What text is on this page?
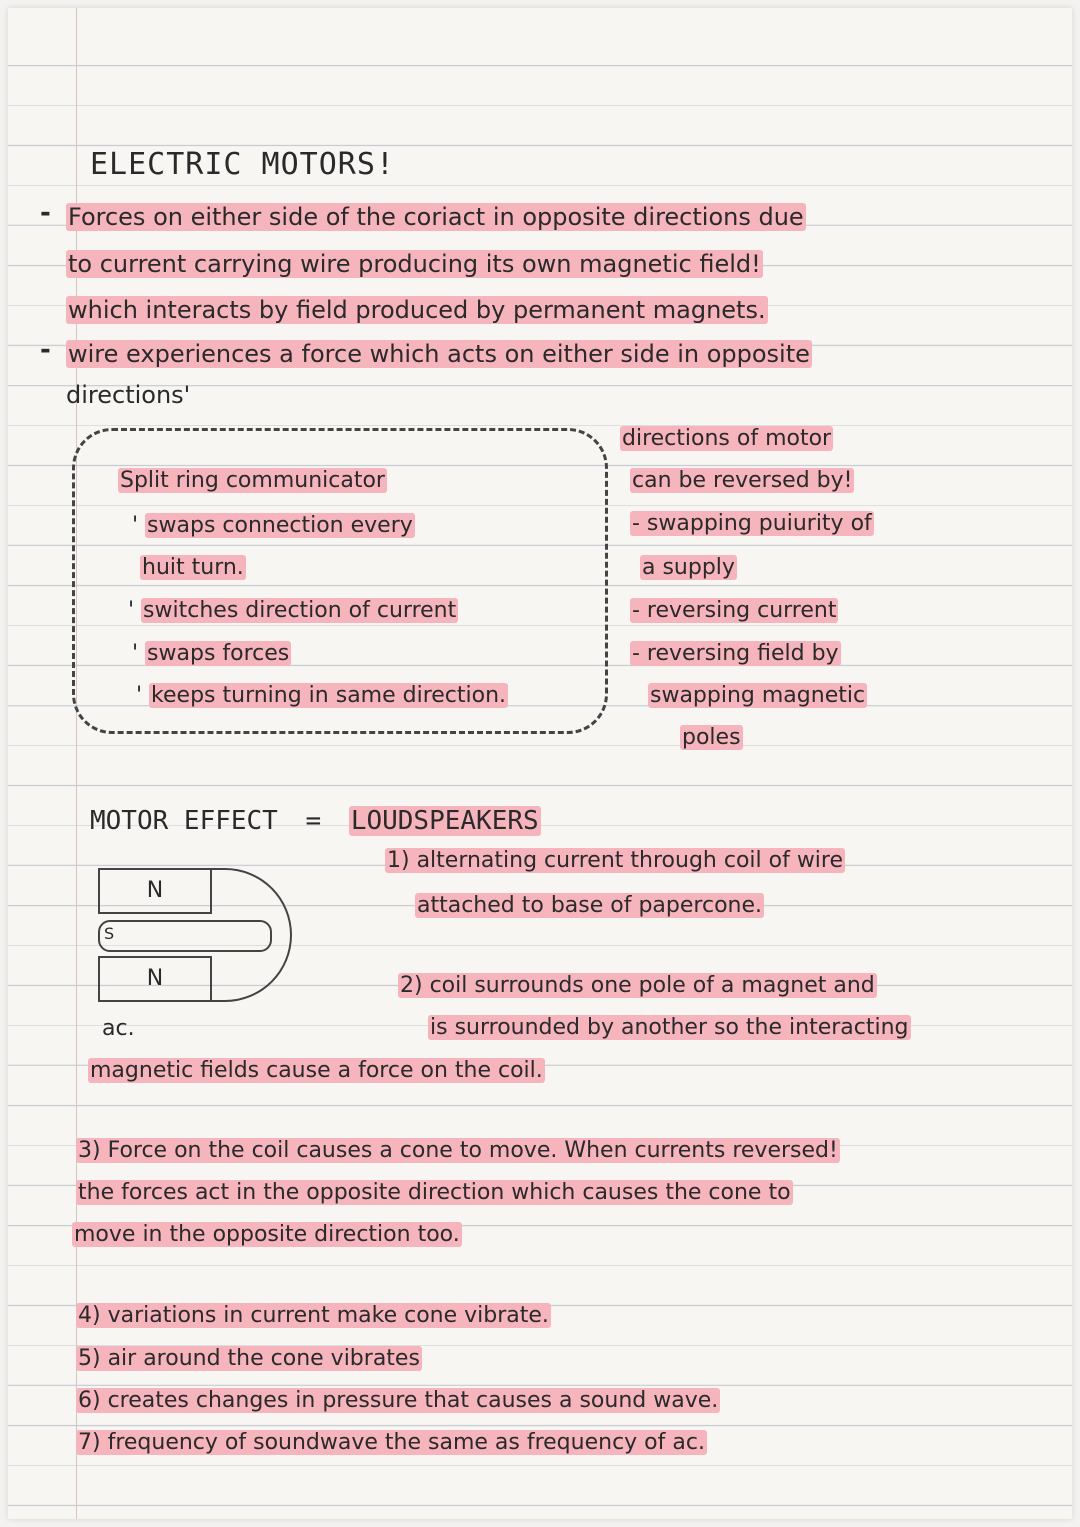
ELECTRIC MOTORS!
- Forces on either side of the coriact in opposite directions due
to current carrying wire producing its own magnetic field!
which interacts by field produced by permanent magnets.
- wire experiences a force which acts on either side in opposite
directions'
Split ring communicator
' swaps connection every
huit turn.
' switches direction of current
' swaps forces
' keeps turning in same direction.
directions of motor
can be reversed by!
- swapping puiurity of
a supply
- reversing current
- reversing field by
swapping magnetic
poles
MOTOR EFFECT = LOUDSPEAKERS
N
S
N
ac.
1) alternating current through coil of wire
attached to base of papercone.
2) coil surrounds one pole of a magnet and
is surrounded by another so the interacting
magnetic fields cause a force on the coil.
3) Force on the coil causes a cone to move. When currents reversed!
the forces act in the opposite direction which causes the cone to
move in the opposite direction too.
4) variations in current make cone vibrate.
5) air around the cone vibrates
6) creates changes in pressure that causes a sound wave.
7) frequency of soundwave the same as frequency of ac.
